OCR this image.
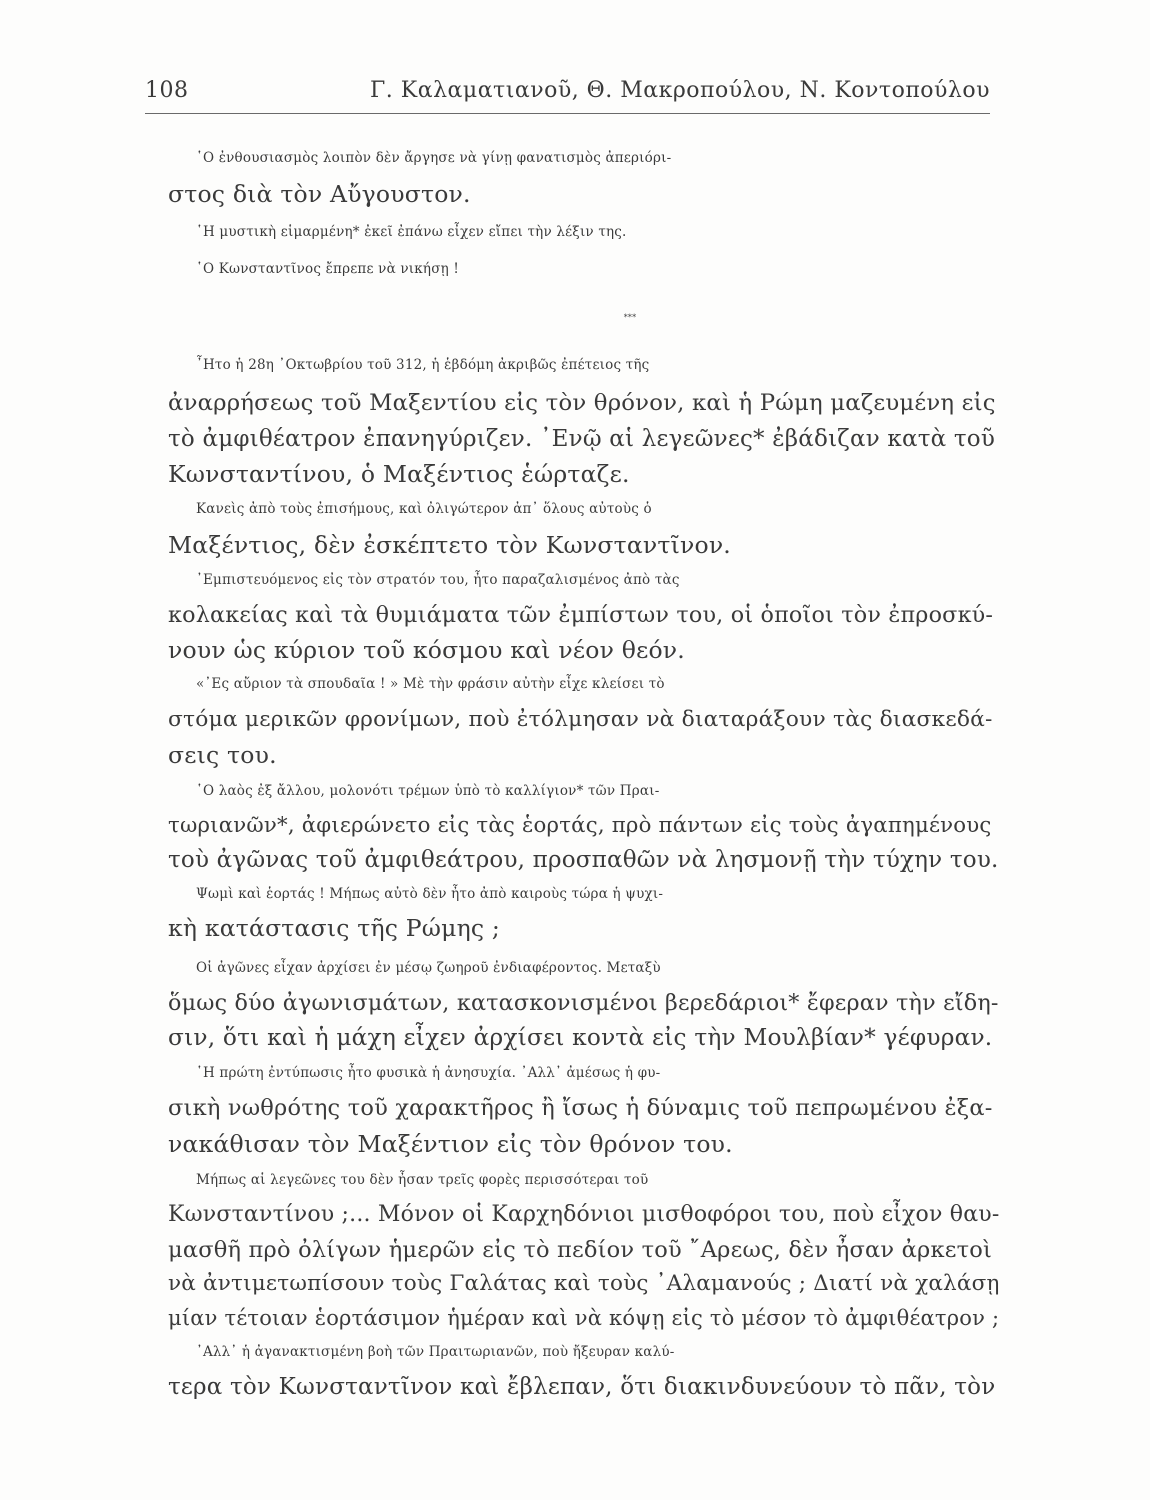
108	Γ. Καλαματιανοῦ, Θ. Μακροπούλου, Ν. Κοντοπούλου
῾Ο ἐνθουσιασμὸς λοιπὸν δὲν ἄργησε νὰ γίνῃ φανατισμὸς ἀπεριόρι-
στος διὰ τὸν Αὔγουστον.
῾Η μυστικὴ εἱμαρμένη* ἐκεῖ ἐπάνω εἶχεν εἴπει τὴν λέξιν της.
῾Ο Κωνσταντῖνος ἔπρεπε νὰ νικήσῃ !
***
῏Ητο ἡ 28η ᾿Οκτωβρίου τοῦ 312, ἡ ἑβδόμη ἀκριβῶς ἐπέτειος τῆς
ἀναρρήσεως τοῦ Μαξεντίου εἰς τὸν θρόνον, καὶ ἡ Ρώμη μαζευμένη εἰς
τὸ ἀμφιθέατρον ἐπανηγύριζεν. ᾿Ενῷ αἱ λεγεῶνες* ἐβάδιζαν κατὰ τοῦ
Κωνσταντίνου, ὁ Μαξέντιος ἑώρταζε.
Κανεὶς ἀπὸ τοὺς ἐπισήμους, καὶ ὀλιγώτερον ἀπ᾿ ὅλους αὐτοὺς ὁ
Μαξέντιος, δὲν ἐσκέπτετο τὸν Κωνσταντῖνον.
᾿Εμπιστευόμενος εἰς τὸν στρατόν του, ἦτο παραζαλισμένος ἀπὸ τὰς
κολακείας καὶ τὰ θυμιάματα τῶν ἐμπίστων του, οἱ ὁποῖοι τὸν ἐπροσκύ-
νουν ὡς κύριον τοῦ κόσμου καὶ νέον θεόν.
«᾿Ες αὔριον τὰ σπουδαῖα ! » Μὲ τὴν φράσιν αὐτὴν εἶχε κλείσει τὸ
στόμα μερικῶν φρονίμων, ποὺ ἐτόλμησαν νὰ διαταράξουν τὰς διασκεδά-
σεις του.
῾Ο λαὸς ἐξ ἄλλου, μολονότι τρέμων ὑπὸ τὸ καλλίγιον* τῶν Πραι-
τωριανῶν*, ἀφιερώνετο εἰς τὰς ἑορτάς, πρὸ πάντων εἰς τοὺς ἀγαπημένους
τοὺ ἀγῶνας τοῦ ἀμφιθεάτρου, προσπαθῶν νὰ λησμονῇ τὴν τύχην του.
Ψωμὶ καὶ ἑορτάς ! Μήπως αὐτὸ δὲν ἦτο ἀπὸ καιροὺς τώρα ἡ ψυχι-
κὴ κατάστασις τῆς Ρώμης ;
Οἱ ἀγῶνες εἶχαν ἀρχίσει ἐν μέσῳ ζωηροῦ ἐνδιαφέροντος. Μεταξὺ
ὅμως δύο ἀγωνισμάτων, κατασκονισμένοι βερεδάριοι* ἔφεραν τὴν εἴδη-
σιν, ὅτι καὶ ἡ μάχη εἶχεν ἀρχίσει κοντὰ εἰς τὴν Μουλβίαν* γέφυραν.
῾Η πρώτη ἐντύπωσις ἦτο φυσικὰ ἡ ἀνησυχία. ᾿Αλλ᾿ ἀμέσως ἡ φυ-
σικὴ νωθρότης τοῦ χαρακτῆρος ἢ ἴσως ἡ δύναμις τοῦ πεπρωμένου ἐξα-
νακάθισαν τὸν Μαξέντιον εἰς τὸν θρόνον του.
Μήπως αἱ λεγεῶνες του δὲν ἦσαν τρεῖς φορὲς περισσότεραι τοῦ
Κωνσταντίνου ;... Μόνον οἱ Καρχηδόνιοι μισθοφόροι του, ποὺ εἶχον θαυ-
μασθῆ πρὸ ὀλίγων ἡμερῶν εἰς τὸ πεδίον τοῦ ῎Αρεως, δὲν ἦσαν ἀρκετοὶ
νὰ ἀντιμετωπίσουν τοὺς Γαλάτας καὶ τοὺς ᾿Αλαμανούς ; Διατί νὰ χαλάσῃ
μίαν τέτοιαν ἑορτάσιμον ἡμέραν καὶ νὰ κόψῃ εἰς τὸ μέσον τὸ ἀμφιθέατρον ;
᾿Αλλ᾿ ἡ ἀγανακτισμένη βοὴ τῶν Πραιτωριανῶν, ποὺ ἤξευραν καλύ-
τερα τὸν Κωνσταντῖνον καὶ ἔβλεπαν, ὅτι διακινδυνεύουν τὸ πᾶν, τὸν
